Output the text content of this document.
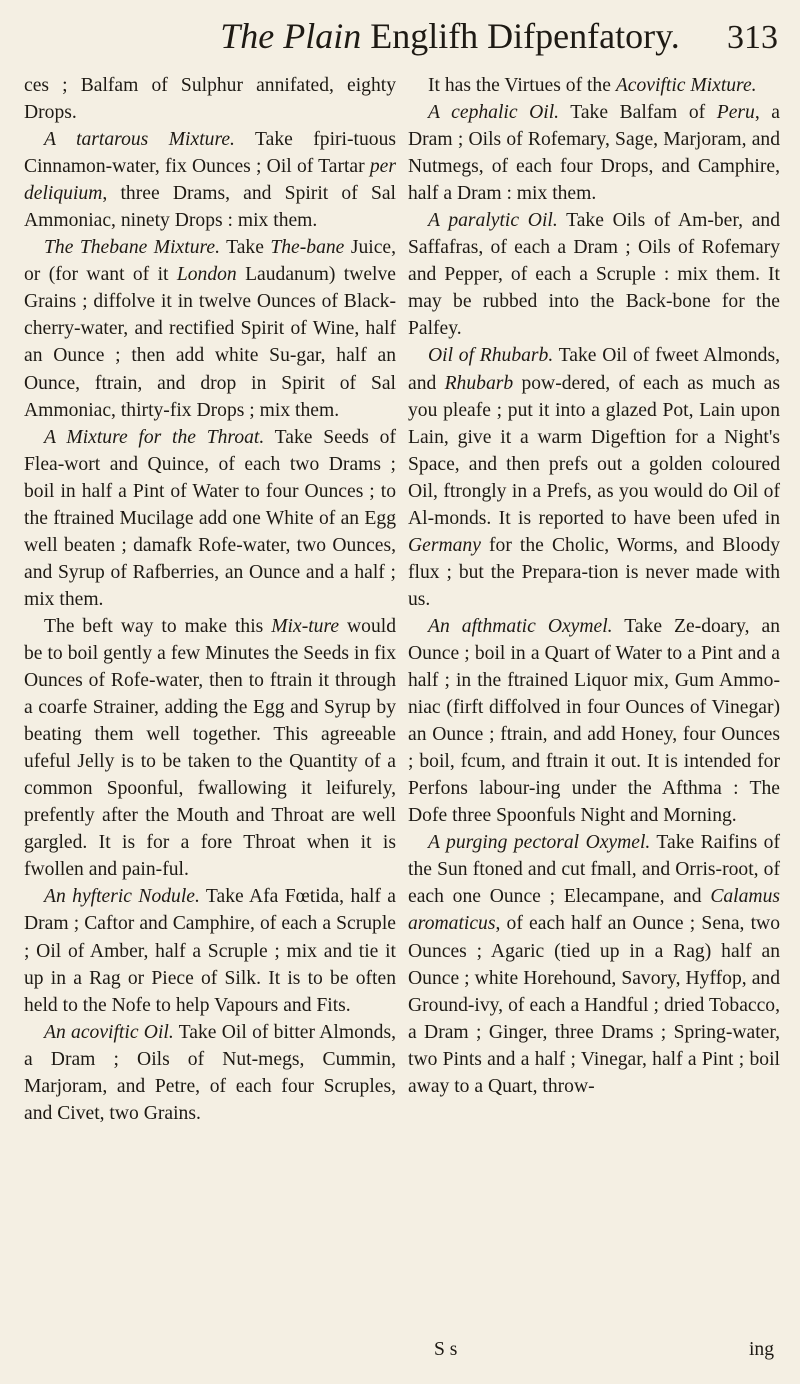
The Plain Englifh Difpenfatory.	313

ces ; Balfam of Sulphur annifated, eighty Drops.

A tartarous Mixture. Take fpiri-tuous Cinnamon-water, fix Ounces ; Oil of Tartar per deliquium, three Drams, and Spirit of Sal Ammoniac, ninety Drops : mix them.

The Thebane Mixture. Take The-bane Juice, or (for want of it London Laudanum) twelve Grains ; diffolve it in twelve Ounces of Black-cherry-water, and rectified Spirit of Wine, half an Ounce ; then add white Su-gar, half an Ounce, ftrain, and drop in Spirit of Sal Ammoniac, thirty-fix Drops ; mix them.

A Mixture for the Throat. Take Seeds of Flea-wort and Quince, of each two Drams ; boil in half a Pint of Water to four Ounces ; to the ftrained Mucilage add one White of an Egg well beaten ; damafk Rofe-water, two Ounces, and Syrup of Rafberries, an Ounce and a half ; mix them.

The beft way to make this Mix-ture would be to boil gently a few Minutes the Seeds in fix Ounces of Rofe-water, then to ftrain it through a coarfe Strainer, adding the Egg and Syrup by beating them well together. This agreeable ufeful Jelly is to be taken to the Quantity of a common Spoonful, fwallowing it leifurely, prefently after the Mouth and Throat are well gargled. It is for a fore Throat when it is fwollen and pain-ful.

An hyfteric Nodule. Take Afa Fœtida, half a Dram ; Caftor and Camphire, of each a Scruple ; Oil of Amber, half a Scruple ; mix and tie it up in a Rag or Piece of Silk. It is to be often held to the Nofe to help Vapours and Fits.

An acoviftic Oil. Take Oil of bitter Almonds, a Dram ; Oils of Nut-megs, Cummin, Marjoram, and Petre, of each four Scruples, and Civet, two Grains.

It has the Virtues of the Acoviftic Mixture.

A cephalic Oil. Take Balfam of Peru, a Dram ; Oils of Rofemary, Sage, Marjoram, and Nutmegs, of each four Drops, and Camphire, half a Dram : mix them.

A paralytic Oil. Take Oils of Am-ber, and Saffafras, of each a Dram ; Oils of Rofemary and Pepper, of each a Scruple : mix them. It may be rubbed into the Back-bone for the Palfey.

Oil of Rhubarb. Take Oil of fweet Almonds, and Rhubarb pow-dered, of each as much as you pleafe ; put it into a glazed Pot, Lain upon Lain, give it a warm Digeftion for a Night's Space, and then prefs out a golden coloured Oil, ftrongly in a Prefs, as you would do Oil of Al-monds. It is reported to have been ufed in Germany for the Cholic, Worms, and Bloody flux ; but the Prepara-tion is never made with us.

An afthmatic Oxymel. Take Ze-doary, an Ounce ; boil in a Quart of Water to a Pint and a half ; in the ftrained Liquor mix, Gum Ammo-niac (firft diffolved in four Ounces of Vinegar) an Ounce ; ftrain, and add Honey, four Ounces ; boil, fcum, and ftrain it out. It is intended for Perfons labour-ing under the Afthma : The Dofe three Spoonfuls Night and Morning.

A purging pectoral Oxymel. Take Raifins of the Sun ftoned and cut fmall, and Orris-root, of each one Ounce ; Elecampane, and Calamus aromaticus, of each half an Ounce ; Sena, two Ounces ; Agaric (tied up in a Rag) half an Ounce ; white Horehound, Savory, Hyffop, and Ground-ivy, of each a Handful ; dried Tobacco, a Dram ; Ginger, three Drams ; Spring-water, two Pints and a half ; Vinegar, half a Pint ; boil away to a Quart, throw-

S s	ing
